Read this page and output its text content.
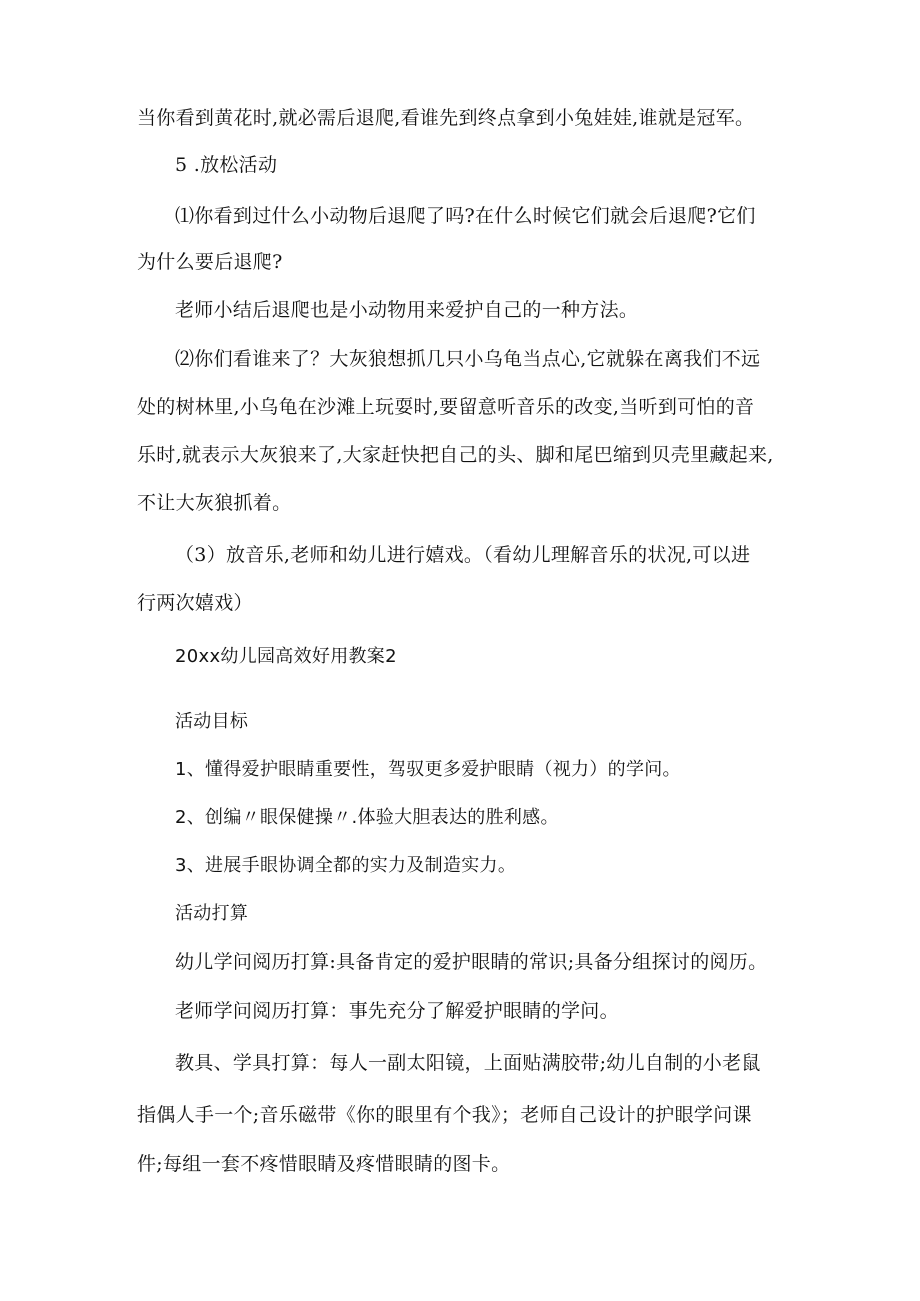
当你看到黄花时,就必需后退爬,看谁先到终点拿到小兔娃娃,谁就是冠军。
5 .放松活动
⑴你看到过什么小动物后退爬了吗?在什么时候它们就会后退爬?它们
为什么要后退爬?
老师小结后退爬也是小动物用来爱护自己的一种方法。
⑵你们看谁来了？大灰狼想抓几只小乌龟当点心,它就躲在离我们不远
处的树林里,小乌龟在沙滩上玩耍时,要留意听音乐的改变,当听到可怕的音
乐时,就表示大灰狼来了,大家赶快把自己的头、脚和尾巴缩到贝壳里藏起来,
不让大灰狼抓着。
（3）放音乐,老师和幼儿进行嬉戏。（看幼儿理解音乐的状况,可以进
行两次嬉戏）
20xx幼儿园高效好用教案2
活动目标
1、懂得爱护眼睛重要性，驾驭更多爱护眼睛（视力）的学问。
2、创编〃眼保健操〃.体验大胆表达的胜利感。
3、进展手眼协调全都的实力及制造实力。
活动打算
幼儿学问阅历打算:具备肯定的爱护眼睛的常识;具备分组探讨的阅历。
老师学问阅历打算：事先充分了解爱护眼睛的学问。
教具、学具打算：每人一副太阳镜，上面贴满胶带;幼儿自制的小老鼠
指偶人手一个;音乐磁带《你的眼里有个我》；老师自己设计的护眼学问课
件;每组一套不疼惜眼睛及疼惜眼睛的图卡。
